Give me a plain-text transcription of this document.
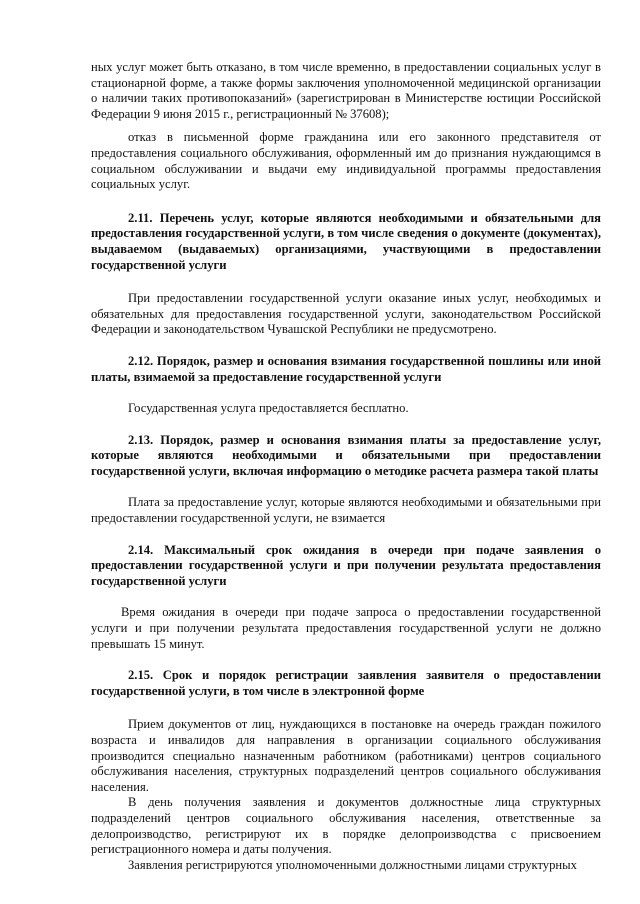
ных услуг может быть отказано, в том числе временно, в предоставлении социальных услуг в стационарной форме, а также формы заключения уполномоченной медицинской организации о наличии таких противопоказаний» (зарегистрирован в Министерстве юстиции Российской Федерации 9 июня 2015 г., регистрационный № 37608);

отказ в письменной форме гражданина или его законного представителя от предоставления социального обслуживания, оформленный им до признания нуждающимся в социальном обслуживании и выдачи ему индивидуальной программы предоставления социальных услуг.

2.11. Перечень услуг, которые являются необходимыми и обязательными для предоставления государственной услуги, в том числе сведения о документе (документах), выдаваемом (выдаваемых) организациями, участвующими в предоставлении государственной услуги

При предоставлении государственной услуги оказание иных услуг, необходимых и обязательных для предоставления государственной услуги, законодательством Российской Федерации и законодательством Чувашской Республики не предусмотрено.

2.12. Порядок, размер и основания взимания государственной пошлины или иной платы, взимаемой за предоставление государственной услуги

Государственная услуга предоставляется бесплатно.

2.13. Порядок, размер и основания взимания платы за предоставление услуг, которые являются необходимыми и обязательными при предоставлении государственной услуги, включая информацию о методике расчета размера такой платы

Плата за предоставление услуг, которые являются необходимыми и обязательными при предоставлении государственной услуги, не взимается

2.14. Максимальный срок ожидания в очереди при подаче заявления о предоставлении государственной услуги и при получении результата предоставления государственной услуги

Время ожидания в очереди при подаче запроса о предоставлении государственной услуги и при получении результата предоставления государственной услуги не должно превышать 15 минут.

2.15. Срок и порядок регистрации заявления заявителя о предоставлении государственной услуги, в том числе в электронной форме

Прием документов от лиц, нуждающихся в постановке на очередь граждан пожилого возраста и инвалидов для направления в организации социального обслуживания производится специально назначенным работником (работниками) центров социального обслуживания населения, структурных подразделений центров социального обслуживания населения.

В день получения заявления и документов должностные лица структурных подразделений центров социального обслуживания населения, ответственные за делопроизводство, регистрируют их в порядке делопроизводства с присвоением регистрационного номера и даты получения.

Заявления регистрируются уполномоченными должностными лицами структурных
